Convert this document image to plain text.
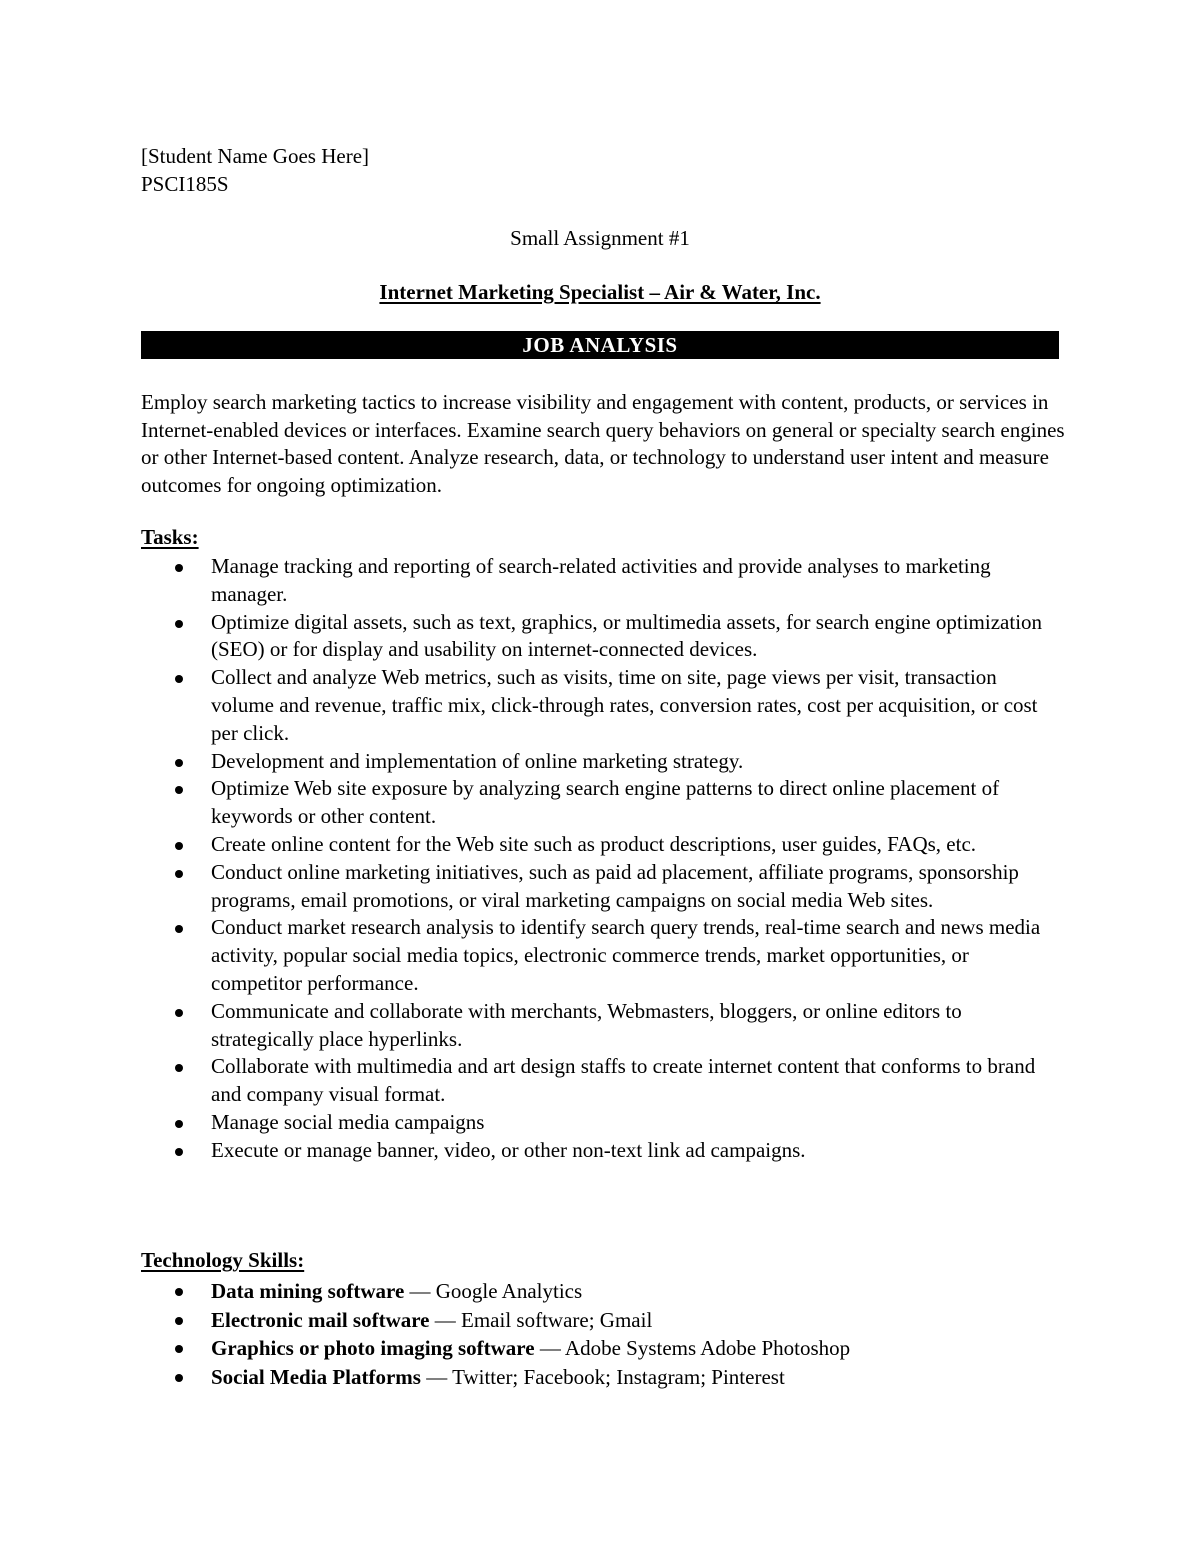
[Student Name Goes Here]
PSCI185S
Small Assignment #1
Internet Marketing Specialist – Air & Water, Inc.
JOB ANALYSIS
Employ search marketing tactics to increase visibility and engagement with content, products, or services in Internet-enabled devices or interfaces. Examine search query behaviors on general or specialty search engines or other Internet-based content. Analyze research, data, or technology to understand user intent and measure outcomes for ongoing optimization.
Tasks:
Manage tracking and reporting of search-related activities and provide analyses to marketing manager.
Optimize digital assets, such as text, graphics, or multimedia assets, for search engine optimization (SEO) or for display and usability on internet-connected devices.
Collect and analyze Web metrics, such as visits, time on site, page views per visit, transaction volume and revenue, traffic mix, click-through rates, conversion rates, cost per acquisition, or cost per click.
Development and implementation of online marketing strategy.
Optimize Web site exposure by analyzing search engine patterns to direct online placement of keywords or other content.
Create online content for the Web site such as product descriptions, user guides, FAQs, etc.
Conduct online marketing initiatives, such as paid ad placement, affiliate programs, sponsorship programs, email promotions, or viral marketing campaigns on social media Web sites.
Conduct market research analysis to identify search query trends, real-time search and news media activity, popular social media topics, electronic commerce trends, market opportunities, or competitor performance.
Communicate and collaborate with merchants, Webmasters, bloggers, or online editors to strategically place hyperlinks.
Collaborate with multimedia and art design staffs to create internet content that conforms to brand and company visual format.
Manage social media campaigns
Execute or manage banner, video, or other non-text link ad campaigns.
Technology Skills:
Data mining software — Google Analytics
Electronic mail software — Email software; Gmail
Graphics or photo imaging software — Adobe Systems Adobe Photoshop
Social Media Platforms — Twitter; Facebook; Instagram; Pinterest
